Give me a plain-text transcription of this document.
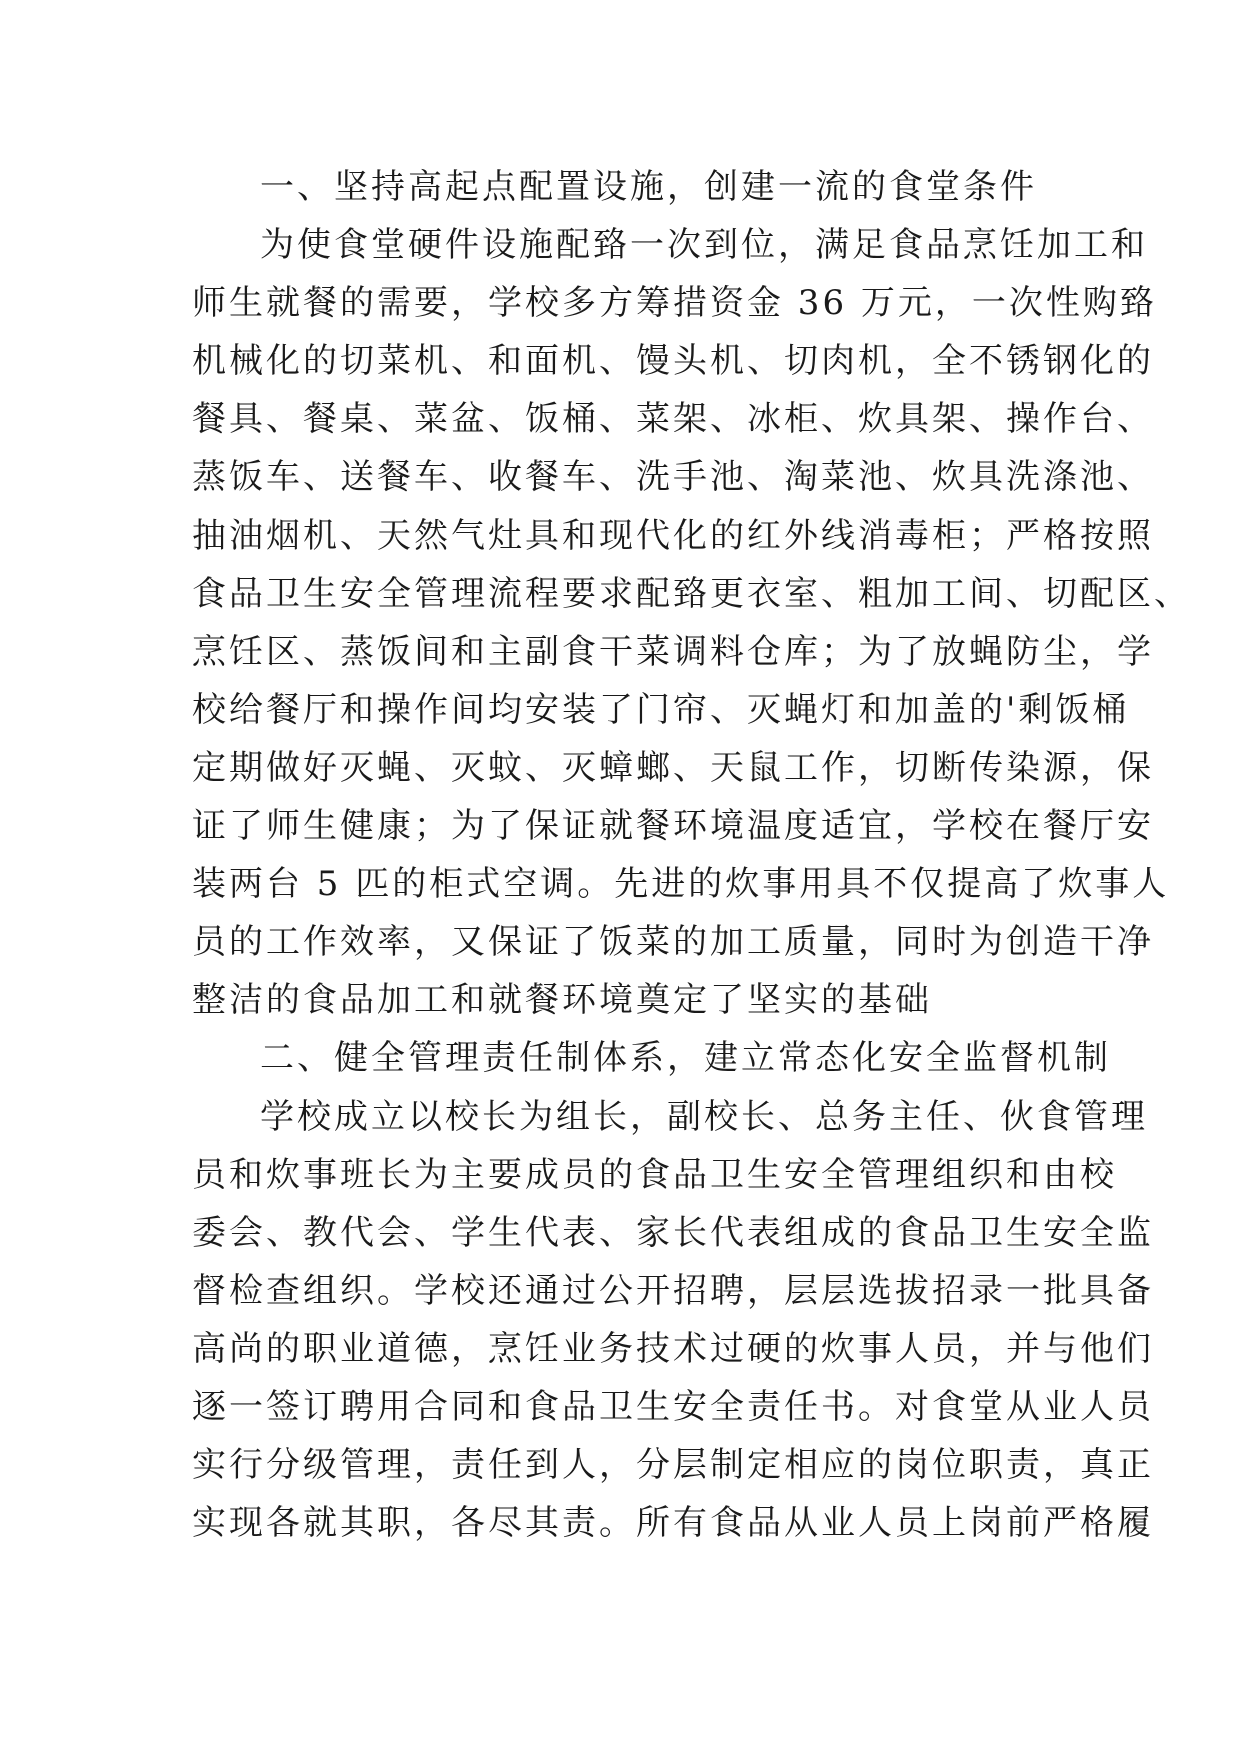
一、坚持高起点配置设施，创建一流的食堂条件
为使食堂硬件设施配臵一次到位，满足食品烹饪加工和
师生就餐的需要，学校多方筹措资金 36 万元，一次性购臵
机械化的切菜机、和面机、馒头机、切肉机，全不锈钢化的
餐具、餐桌、菜盆、饭桶、菜架、冰柜、炊具架、操作台、
蒸饭车、送餐车、收餐车、洗手池、淘菜池、炊具洗涤池、
抽油烟机、天然气灶具和现代化的红外线消毒柜；严格按照
食品卫生安全管理流程要求配臵更衣室、粗加工间、切配区、
烹饪区、蒸饭间和主副食干菜调料仓库；为了放蝇防尘，学
校给餐厅和操作间均安装了门帘、灭蝇灯和加盖的'剩饭桶
定期做好灭蝇、灭蚊、灭蟑螂、天鼠工作，切断传染源，保
证了师生健康；为了保证就餐环境温度适宜，学校在餐厅安
装两台 5 匹的柜式空调。先进的炊事用具不仅提高了炊事人
员的工作效率，又保证了饭菜的加工质量，同时为创造干净
整洁的食品加工和就餐环境奠定了坚实的基础
二、健全管理责任制体系，建立常态化安全监督机制
学校成立以校长为组长，副校长、总务主任、伙食管理
员和炊事班长为主要成员的食品卫生安全管理组织和由校
委会、教代会、学生代表、家长代表组成的食品卫生安全监
督检查组织。学校还通过公开招聘，层层选拔招录一批具备
高尚的职业道德，烹饪业务技术过硬的炊事人员，并与他们
逐一签订聘用合同和食品卫生安全责任书。对食堂从业人员
实行分级管理，责任到人，分层制定相应的岗位职责，真正
实现各就其职，各尽其责。所有食品从业人员上岗前严格履
